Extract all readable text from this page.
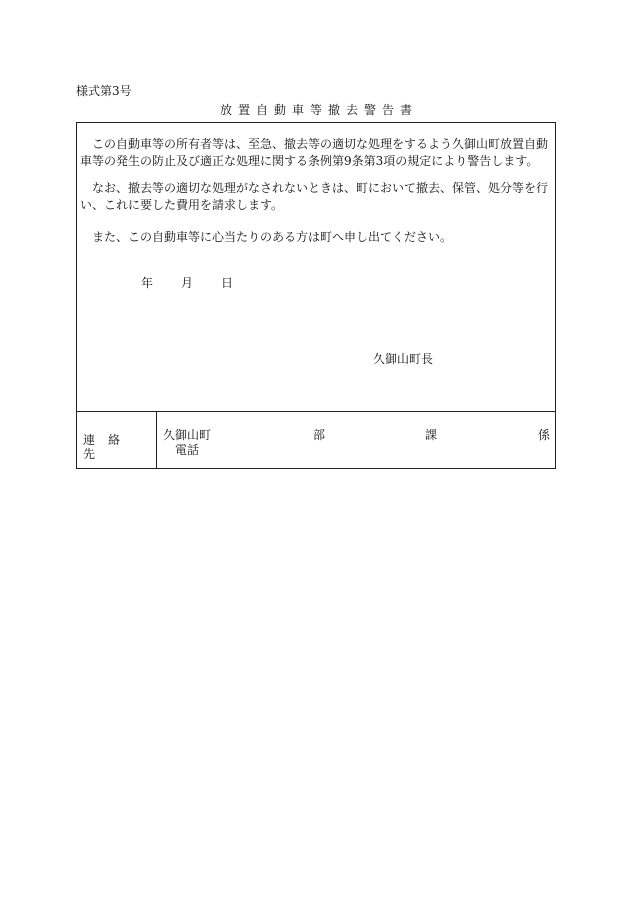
様式第3号
放置自動車等撤去警告書

この自動車等の所有者等は、至急、撤去等の適切な処理をするよう久御山町放置自動車等の発生の防止及び適正な処理に関する条例第9条第3項の規定により警告します。

なお、撤去等の適切な処理がなされないときは、町において撤去、保管、処分等を行い、これに要した費用を請求します。

また、この自動車等に心当たりのある方は町へ申し出てください。

年 月 日
久御山町長
連絡先
久御山町
電話
部	課	係
